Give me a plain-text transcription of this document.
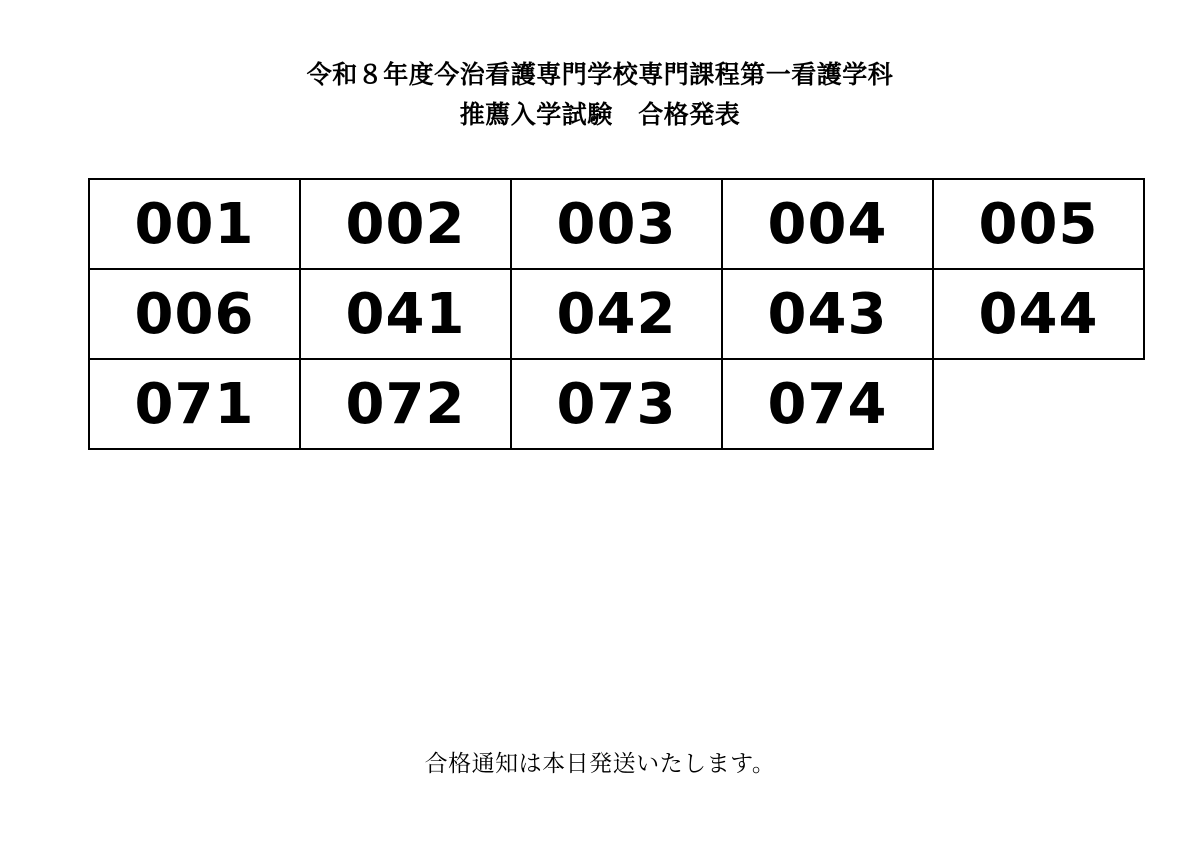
令和８年度今治看護専門学校専門課程第一看護学科
推薦入学試験　合格発表
001	002	003	004	005
006	041	042	043	044
071	072	073	074	
合格通知は本日発送いたします。
